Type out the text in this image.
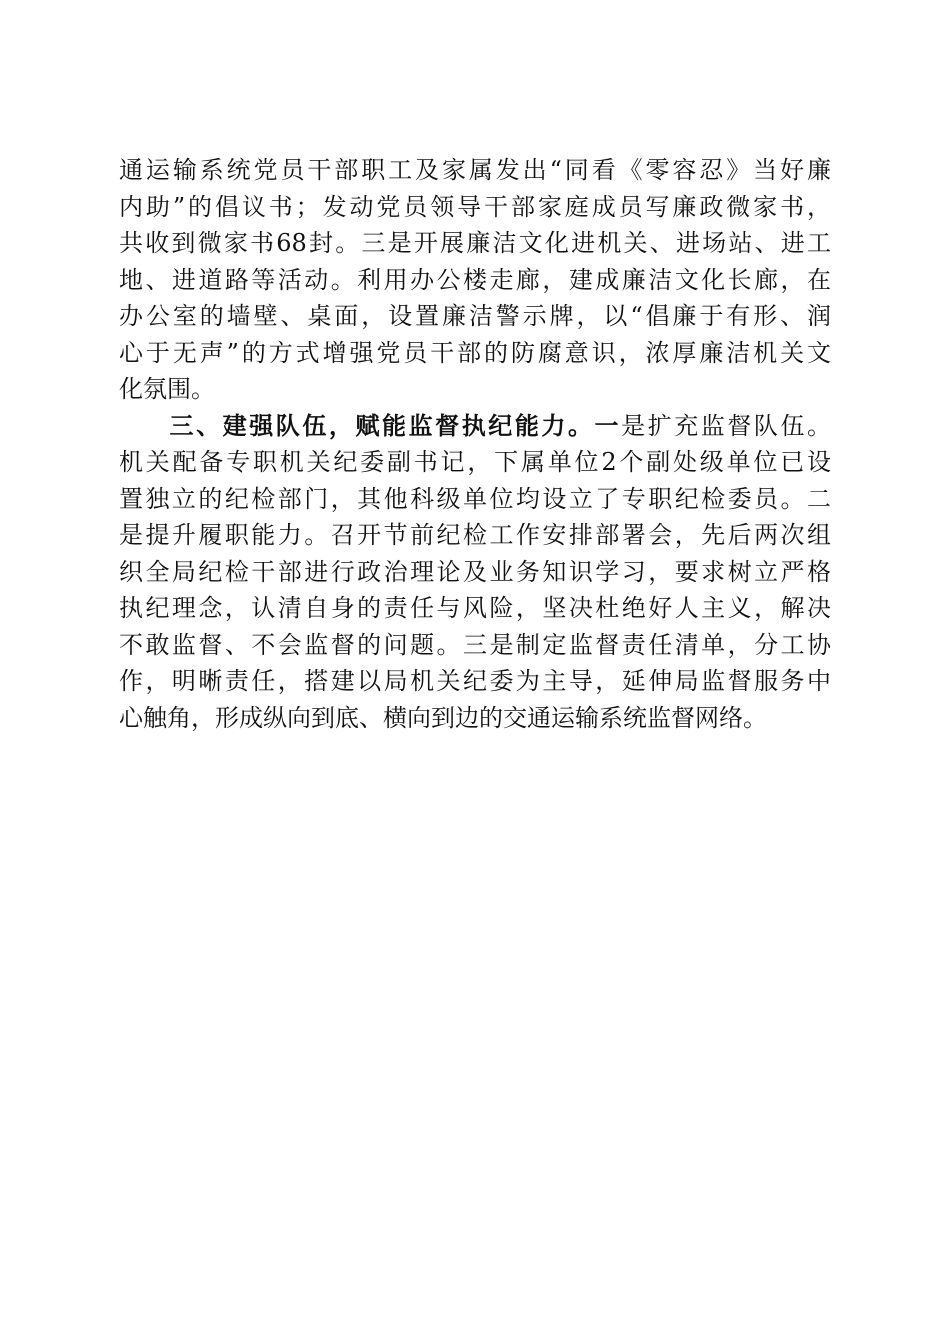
通运输系统党员干部职工及家属发出“同看《零容忍》当好廉
内助”的倡议书；发动党员领导干部家庭成员写廉政微家书，
共收到微家书68封。三是开展廉洁文化进机关、进场站、进工
地、进道路等活动。利用办公楼走廊，建成廉洁文化长廊，在
办公室的墙壁、桌面，设置廉洁警示牌，以“倡廉于有形、润
心于无声”的方式增强党员干部的防腐意识，浓厚廉洁机关文
化氛围。
三、建强队伍，赋能监督执纪能力。一是扩充监督队伍。
机关配备专职机关纪委副书记，下属单位2个副处级单位已设
置独立的纪检部门，其他科级单位均设立了专职纪检委员。二
是提升履职能力。召开节前纪检工作安排部署会，先后两次组
织全局纪检干部进行政治理论及业务知识学习，要求树立严格
执纪理念，认清自身的责任与风险，坚决杜绝好人主义，解决
不敢监督、不会监督的问题。三是制定监督责任清单，分工协
作，明晰责任，搭建以局机关纪委为主导，延伸局监督服务中
心触角，形成纵向到底、横向到边的交通运输系统监督网络。
